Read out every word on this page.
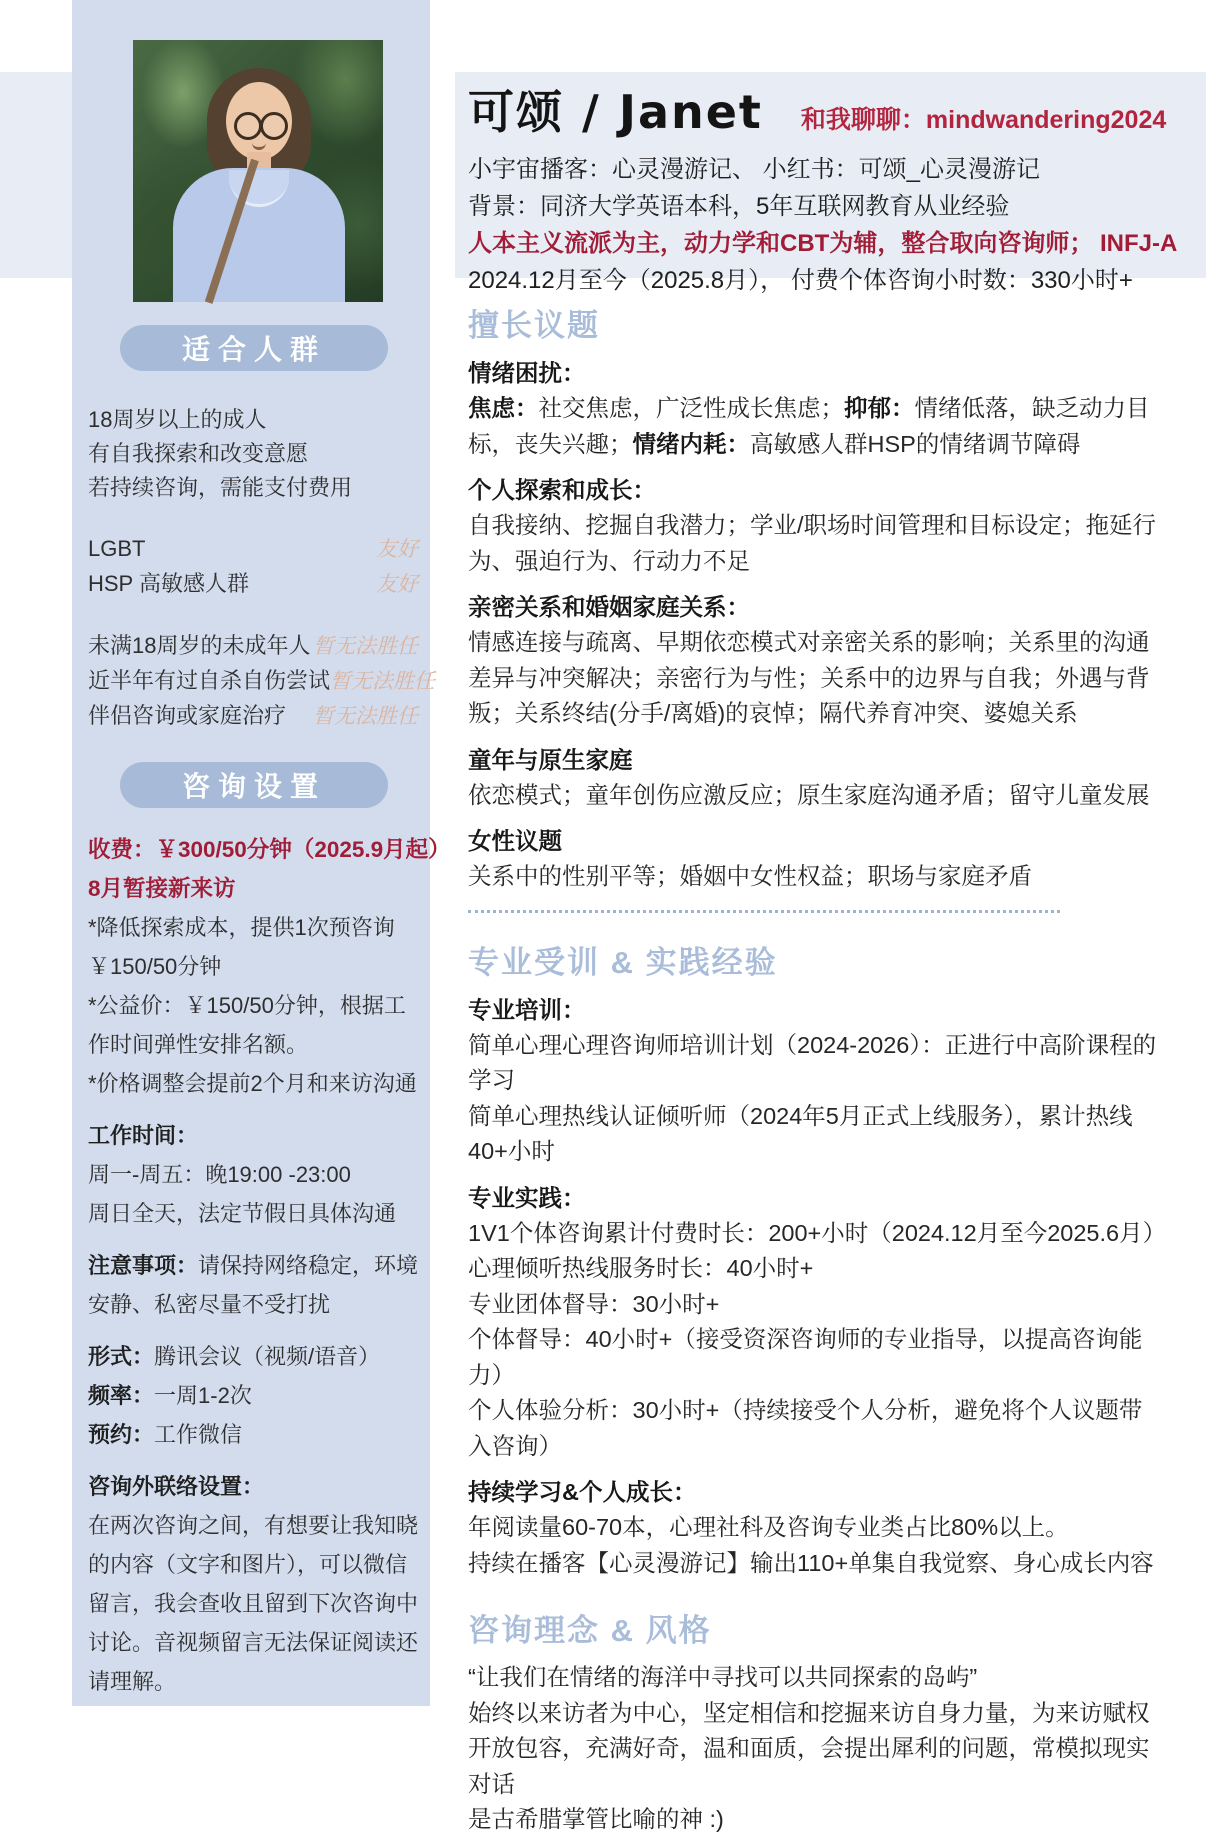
可颂 / Janet 和我聊聊：mindwandering2024
小宇宙播客：心灵漫游记、 小红书：可颂_心灵漫游记
背景：同济大学英语本科，5年互联网教育从业经验
人本主义流派为主，动力学和CBT为辅，整合取向咨询师； INFJ-A
2024.12月至今（2025.8月）， 付费个体咨询小时数：330小时+
适合人群
18周岁以上的成人
有自我探索和改变意愿
若持续咨询，需能支付费用
LGBT	友好
HSP 高敏感人群	友好
未满18周岁的未成年人 暂无法胜任
近半年有过自杀自伤尝试 暂无法胜任
伴侣咨询或家庭治疗 暂无法胜任
咨询设置

收费：￥300/50分钟（2025.9月起）

8月暂接新来访

*降低探索成本，提供1次预咨询

￥150/50分钟

*公益价：￥150/50分钟，根据工作时间弹性安排名额。

*价格调整会提前2个月和来访沟通

工作时间：

周一-周五：晚19:00 -23:00

周日全天，法定节假日具体沟通

注意事项：请保持网络稳定，环境安静、私密尽量不受打扰

形式：腾讯会议（视频/语音）

频率：一周1-2次

预约：工作微信

咨询外联络设置：

在两次咨询之间，有想要让我知晓的内容（文字和图片），可以微信留言，我会查收且留到下次咨询中讨论。音视频留言无法保证阅读还请理解。

擅长议题
情绪困扰：

焦虑：社交焦虑，广泛性成长焦虑；抑郁：情绪低落，缺乏动力目标，丧失兴趣；情绪内耗：高敏感人群HSP的情绪调节障碍

个人探索和成长：

自我接纳、挖掘自我潜力；学业/职场时间管理和目标设定；拖延行为、强迫行为、行动力不足

亲密关系和婚姻家庭关系：

情感连接与疏离、早期依恋模式对亲密关系的影响；关系里的沟通差异与冲突解决；亲密行为与性；关系中的边界与自我；外遇与背叛；关系终结(分手/离婚)的哀悼；隔代养育冲突、婆媳关系

童年与原生家庭

依恋模式；童年创伤应激反应；原生家庭沟通矛盾；留守儿童发展

女性议题

关系中的性别平等；婚姻中女性权益；职场与家庭矛盾

专业受训 & 实践经验
专业培训：

简单心理心理咨询师培训计划（2024-2026）：正进行中高阶课程的学习

简单心理热线认证倾听师（2024年5月正式上线服务），累计热线40+小时

专业实践：

1V1个体咨询累计付费时长：200+小时（2024.12月至今2025.6月）

心理倾听热线服务时长：40小时+

专业团体督导：30小时+

个体督导：40小时+（接受资深咨询师的专业指导，以提高咨询能力）

个人体验分析：30小时+（持续接受个人分析，避免将个人议题带入咨询）

持续学习&个人成长：

年阅读量60-70本，心理社科及咨询专业类占比80%以上。

持续在播客【心灵漫游记】输出110+单集自我觉察、身心成长内容

咨询理念 & 风格

“让我们在情绪的海洋中寻找可以共同探索的岛屿”

始终以来访者为中心，坚定相信和挖掘来访自身力量，为来访赋权

开放包容，充满好奇，温和面质，会提出犀利的问题，常模拟现实对话

是古希腊掌管比喻的神 :)
